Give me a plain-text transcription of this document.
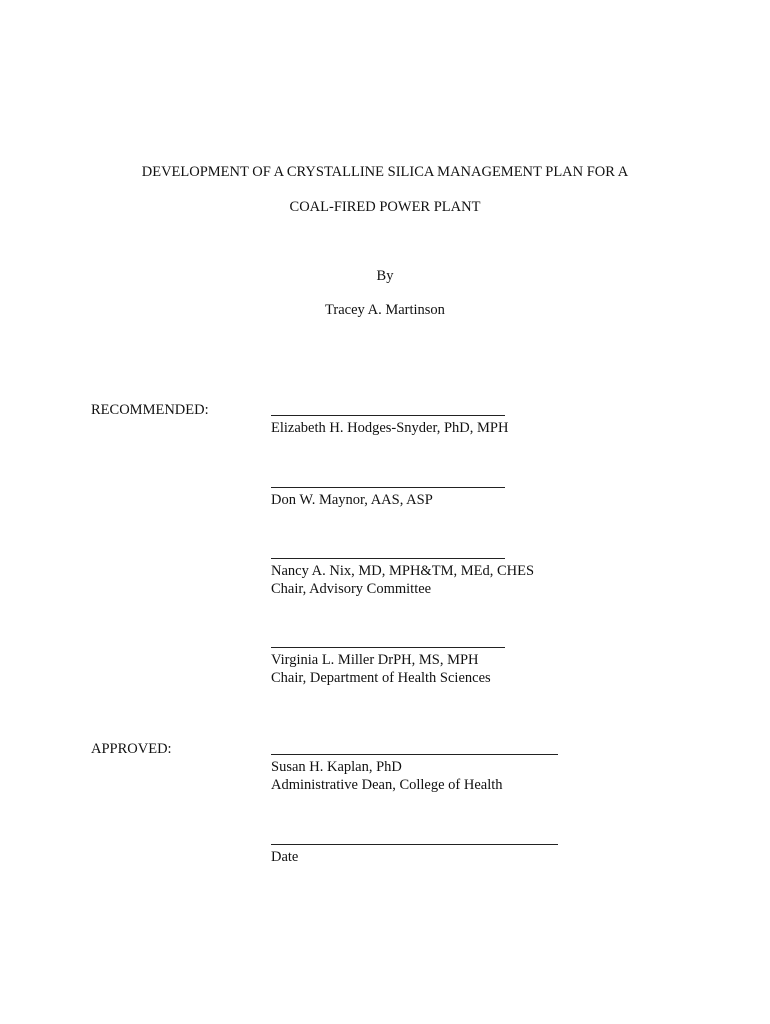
DEVELOPMENT OF A CRYSTALLINE SILICA MANAGEMENT PLAN FOR A
COAL-FIRED POWER PLANT
By
Tracey A. Martinson
RECOMMENDED:
Elizabeth H. Hodges-Snyder, PhD, MPH
Don W. Maynor, AAS, ASP
Nancy A. Nix, MD, MPH&TM, MEd, CHES
Chair, Advisory Committee
Virginia L. Miller DrPH, MS, MPH
Chair, Department of Health Sciences
APPROVED:
Susan H. Kaplan, PhD
Administrative Dean, College of Health
Date
